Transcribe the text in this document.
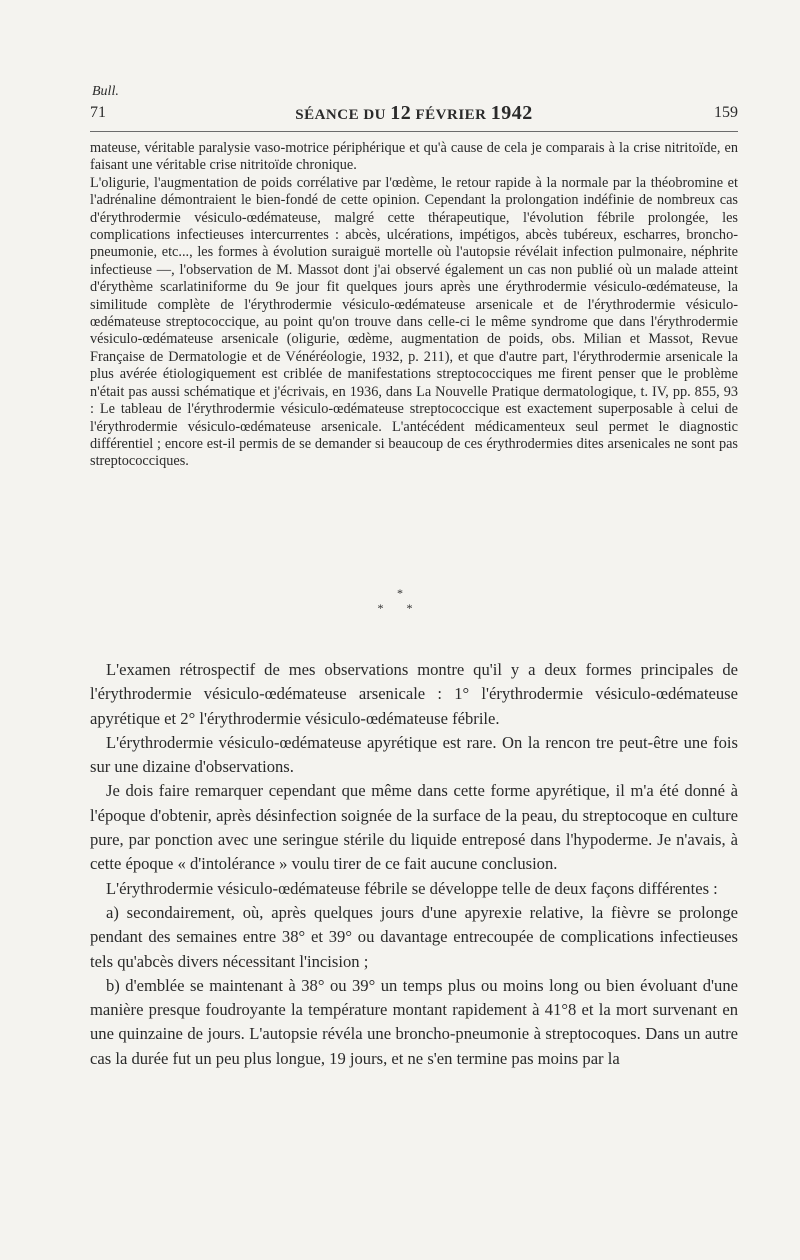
Bull.
71	SÉANCE DU 12 FÉVRIER 1942	159

mateuse, véritable paralysie vaso-motrice périphérique et qu'à cause de cela je comparais à la crise nitritoïde, en faisant une véritable crise nitritoïde chronique.

L'oligurie, l'augmentation de poids corrélative par l'œdème, le retour rapide à la normale par la théobromine et l'adrénaline démontraient le bien-fondé de cette opinion. Cependant la prolongation indéfinie de nombreux cas d'érythrodermie vésiculo-œdémateuse, malgré cette thérapeutique, l'évolution fébrile prolongée, les complications infectieuses intercurrentes : abcès, ulcérations, impétigos, abcès tubéreux, escharres, broncho-pneumonie, etc..., les formes à évolution suraiguë mortelle où l'autopsie révélait infection pulmonaire, néphrite infectieuse —, l'observation de M. Massot dont j'ai observé également un cas non publié où un malade atteint d'érythème scarlatiniforme du 9e jour fit quelques jours après une érythrodermie vésiculo-œdémateuse, la similitude complète de l'érythrodermie vésiculo-œdémateuse arsenicale et de l'érythrodermie vésiculo-œdémateuse streptococcique, au point qu'on trouve dans celle-ci le même syndrome que dans l'érythrodermie vésiculo-œdémateuse arsenicale (oligurie, œdème, augmentation de poids, obs. Milian et Massot, Revue Française de Dermatologie et de Vénéréologie, 1932, p. 211), et que d'autre part, l'érythrodermie arsenicale la plus avérée étiologiquement est criblée de manifestations streptococciques me firent penser que le problème n'était pas aussi schématique et j'écrivais, en 1936, dans La Nouvelle Pratique dermatologique, t. IV, pp. 855, 93 : Le tableau de l'érythrodermie vésiculo-œdémateuse streptococcique est exactement superposable à celui de l'érythrodermie vésiculo-œdémateuse arsenicale. L'antécédent médicamenteux seul permet le diagnostic différentiel ; encore est-il permis de se demander si beaucoup de ces érythrodermies dites arsenicales ne sont pas streptococciques.

*
* *

L'examen rétrospectif de mes observations montre qu'il y a deux formes principales de l'érythrodermie vésiculo-œdémateuse arsenicale : 1° l'érythrodermie vésiculo-œdémateuse apyrétique et 2° l'érythrodermie vésiculo-œdémateuse fébrile.

L'érythrodermie vésiculo-œdémateuse apyrétique est rare. On la rencon tre peut-être une fois sur une dizaine d'observations.

Je dois faire remarquer cependant que même dans cette forme apyrétique, il m'a été donné à l'époque d'obtenir, après désinfection soignée de la surface de la peau, du streptocoque en culture pure, par ponction avec une seringue stérile du liquide entreposé dans l'hypoderme. Je n'avais, à cette époque « d'intolérance » voulu tirer de ce fait aucune conclusion.

L'érythrodermie vésiculo-œdémateuse fébrile se développe telle de deux façons différentes :

a) secondairement, où, après quelques jours d'une apyrexie relative, la fièvre se prolonge pendant des semaines entre 38° et 39° ou davantage entrecoupée de complications infectieuses tels qu'abcès divers nécessitant l'incision ;

b) d'emblée se maintenant à 38° ou 39° un temps plus ou moins long ou bien évoluant d'une manière presque foudroyante la température montant rapidement à 41°8 et la mort survenant en une quinzaine de jours. L'autopsie révéla une broncho-pneumonie à streptocoques. Dans un autre cas la durée fut un peu plus longue, 19 jours, et ne s'en termine pas moins par la
